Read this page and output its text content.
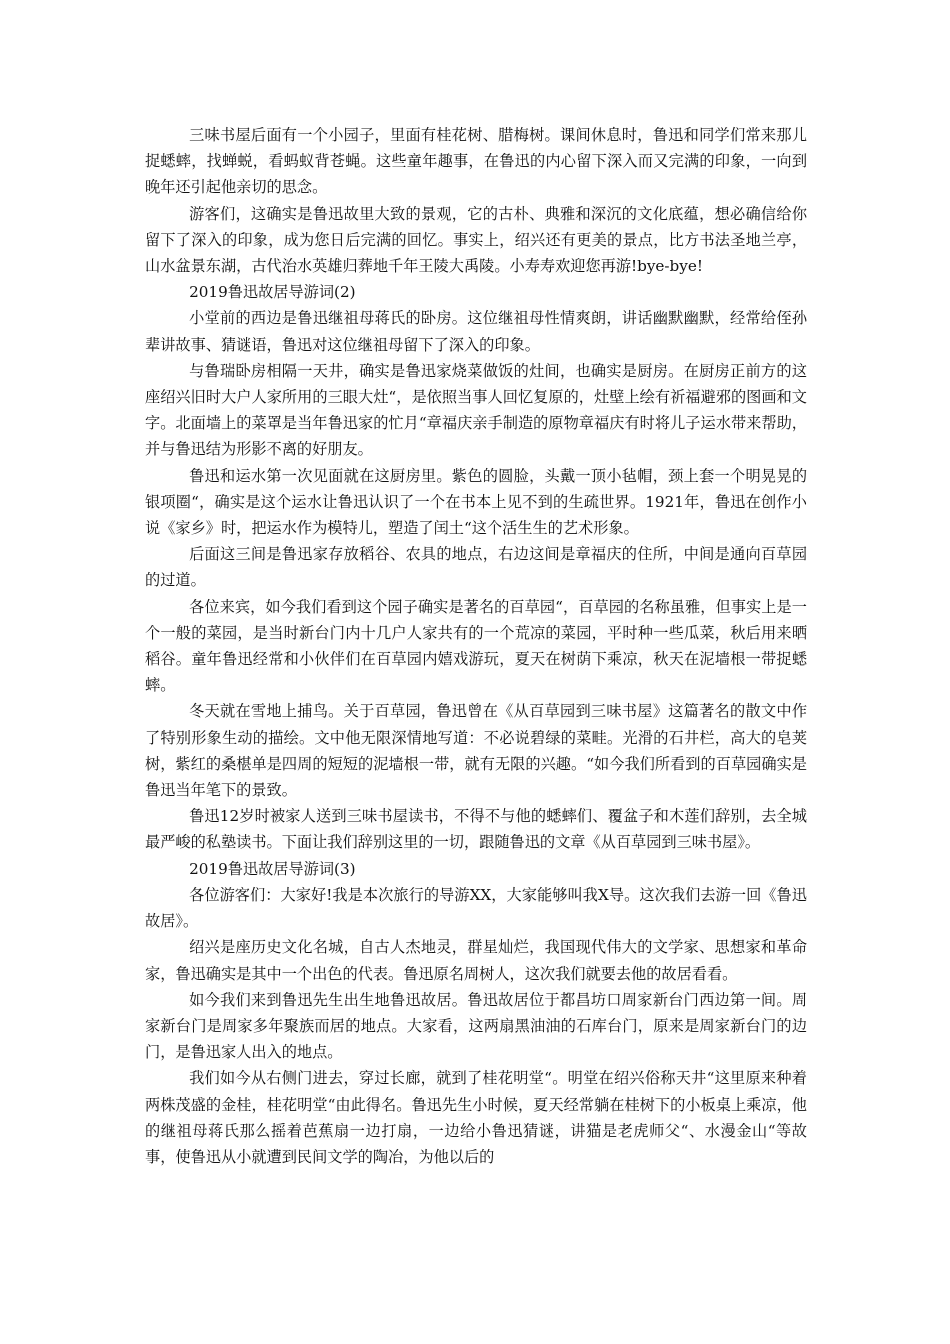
三味书屋后面有一个小园子，里面有桂花树、腊梅树。课间休息时，鲁迅和同学们常来那儿捉蟋蟀，找蝉蜕，看蚂蚁背苍蝇。这些童年趣事，在鲁迅的内心留下深入而又完满的印象，一向到晚年还引起他亲切的思念。

游客们，这确实是鲁迅故里大致的景观，它的古朴、典雅和深沉的文化底蕴，想必确信给你留下了深入的印象，成为您日后完满的回忆。事实上，绍兴还有更美的景点，比方书法圣地兰亭，山水盆景东湖，古代治水英雄归葬地千年王陵大禹陵。小寿寿欢迎您再游!bye-bye!

2019鲁迅故居导游词(2)

小堂前的西边是鲁迅继祖母蒋氏的卧房。这位继祖母性情爽朗，讲话幽默幽默，经常给侄孙辈讲故事、猜谜语，鲁迅对这位继祖母留下了深入的印象。

与鲁瑞卧房相隔一天井，确实是鲁迅家烧菜做饭的灶间，也确实是厨房。在厨房正前方的这座绍兴旧时大户人家所用的三眼大灶“，是依照当事人回忆复原的，灶壁上绘有祈福避邪的图画和文字。北面墙上的菜罩是当年鲁迅家的忙月“章福庆亲手制造的原物章福庆有时将儿子运水带来帮助，并与鲁迅结为形影不离的好朋友。

鲁迅和运水第一次见面就在这厨房里。紫色的圆脸，头戴一顶小毡帽，颈上套一个明晃晃的银项圈“，确实是这个运水让鲁迅认识了一个在书本上见不到的生疏世界。1921年，鲁迅在创作小说《家乡》时，把运水作为模特儿，塑造了闰土“这个活生生的艺术形象。

后面这三间是鲁迅家存放稻谷、农具的地点，右边这间是章福庆的住所，中间是通向百草园的过道。

各位来宾，如今我们看到这个园子确实是著名的百草园“，百草园的名称虽雅，但事实上是一个一般的菜园，是当时新台门内十几户人家共有的一个荒凉的菜园，平时种一些瓜菜，秋后用来晒稻谷。童年鲁迅经常和小伙伴们在百草园内嬉戏游玩，夏天在树荫下乘凉，秋天在泥墙根一带捉蟋蟀。

冬天就在雪地上捕鸟。关于百草园，鲁迅曾在《从百草园到三味书屋》这篇著名的散文中作了特别形象生动的描绘。文中他无限深情地写道：不必说碧绿的菜畦。光滑的石井栏，高大的皂荚树，紫红的桑椹单是四周的短短的泥墙根一带，就有无限的兴趣。“如今我们所看到的百草园确实是鲁迅当年笔下的景致。

鲁迅12岁时被家人送到三味书屋读书，不得不与他的蟋蟀们、覆盆子和木莲们辞别，去全城最严峻的私塾读书。下面让我们辞别这里的一切，跟随鲁迅的文章《从百草园到三味书屋》。

2019鲁迅故居导游词(3)

各位游客们：大家好!我是本次旅行的导游XX，大家能够叫我X导。这次我们去游一回《鲁迅故居》。

绍兴是座历史文化名城，自古人杰地灵，群星灿烂，我国现代伟大的文学家、思想家和革命家，鲁迅确实是其中一个出色的代表。鲁迅原名周树人，这次我们就要去他的故居看看。

如今我们来到鲁迅先生出生地鲁迅故居。鲁迅故居位于都昌坊口周家新台门西边第一间。周家新台门是周家多年聚族而居的地点。大家看，这两扇黑油油的石库台门，原来是周家新台门的边门，是鲁迅家人出入的地点。

我们如今从右侧门进去，穿过长廊，就到了桂花明堂“。明堂在绍兴俗称天井“这里原来种着两株茂盛的金桂，桂花明堂“由此得名。鲁迅先生小时候，夏天经常躺在桂树下的小板桌上乘凉，他的继祖母蒋氏那么摇着芭蕉扇一边打扇，一边给小鲁迅猜谜，讲猫是老虎师父“、水漫金山“等故事，使鲁迅从小就遭到民间文学的陶冶，为他以后的
